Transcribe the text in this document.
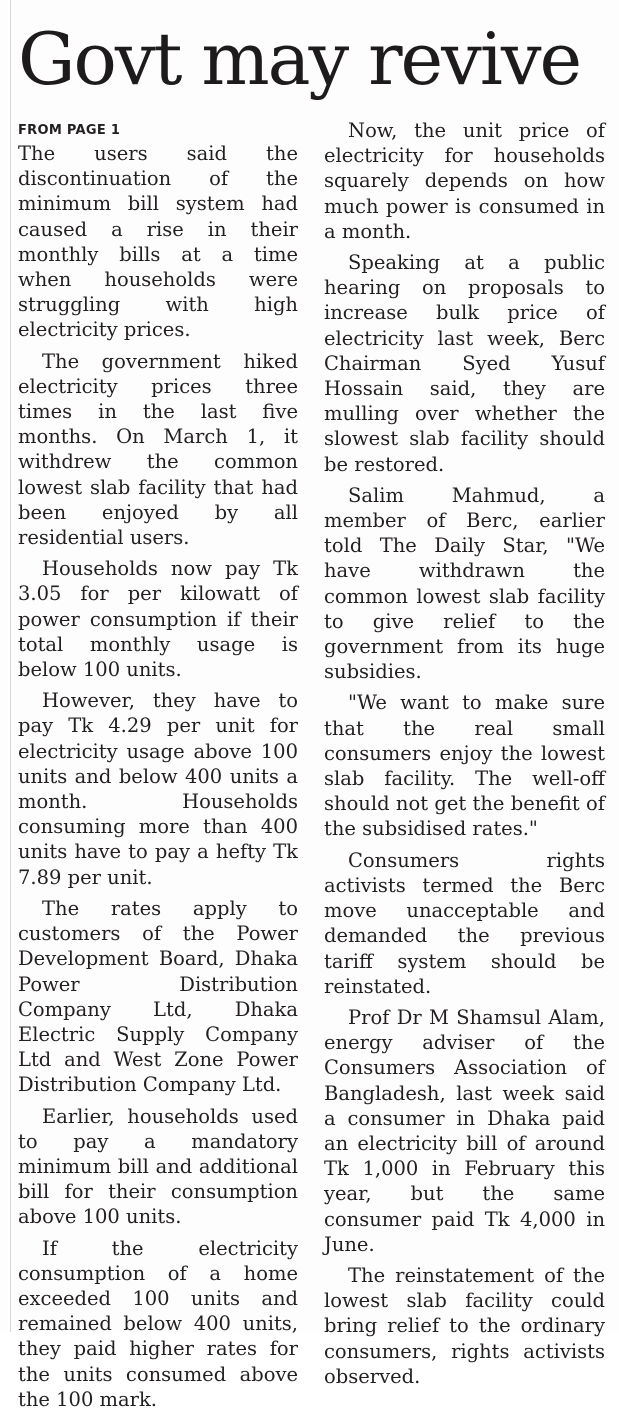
Govt may revive
FROM PAGE 1

The users said the discontinuation of the minimum bill system had caused a rise in their monthly bills at a time when households were struggling with high electricity prices.

The government hiked electricity prices three times in the last five months. On March 1, it withdrew the common lowest slab facility that had been enjoyed by all residential users.

Households now pay Tk 3.05 for per kilowatt of power consumption if their total monthly usage is below 100 units.

However, they have to pay Tk 4.29 per unit for electricity usage above 100 units and below 400 units a month. Households consuming more than 400 units have to pay a hefty Tk 7.89 per unit.

The rates apply to customers of the Power Development Board, Dhaka Power Distribution Company Ltd, Dhaka Electric Supply Company Ltd and West Zone Power Distribution Company Ltd.

Earlier, households used to pay a mandatory minimum bill and additional bill for their consumption above 100 units.

If the electricity consumption of a home exceeded 100 units and remained below 400 units, they paid higher rates for the units consumed above the 100 mark.

Now, the unit price of electricity for households squarely depends on how much power is consumed in a month.

Speaking at a public hearing on proposals to increase bulk price of electricity last week, Berc Chairman Syed Yusuf Hossain said, they are mulling over whether the slowest slab facility should be restored.

Salim Mahmud, a member of Berc, earlier told The Daily Star, "We have withdrawn the common lowest slab facility to give relief to the government from its huge subsidies.

"We want to make sure that the real small consumers enjoy the lowest slab facility. The well-off should not get the benefit of the subsidised rates."

Consumers rights activists termed the Berc move unacceptable and demanded the previous tariff system should be reinstated.

Prof Dr M Shamsul Alam, energy adviser of the Consumers Association of Bangladesh, last week said a consumer in Dhaka paid an electricity bill of around Tk 1,000 in February this year, but the same consumer paid Tk 4,000 in June.

The reinstatement of the lowest slab facility could bring relief to the ordinary consumers, rights activists observed.
